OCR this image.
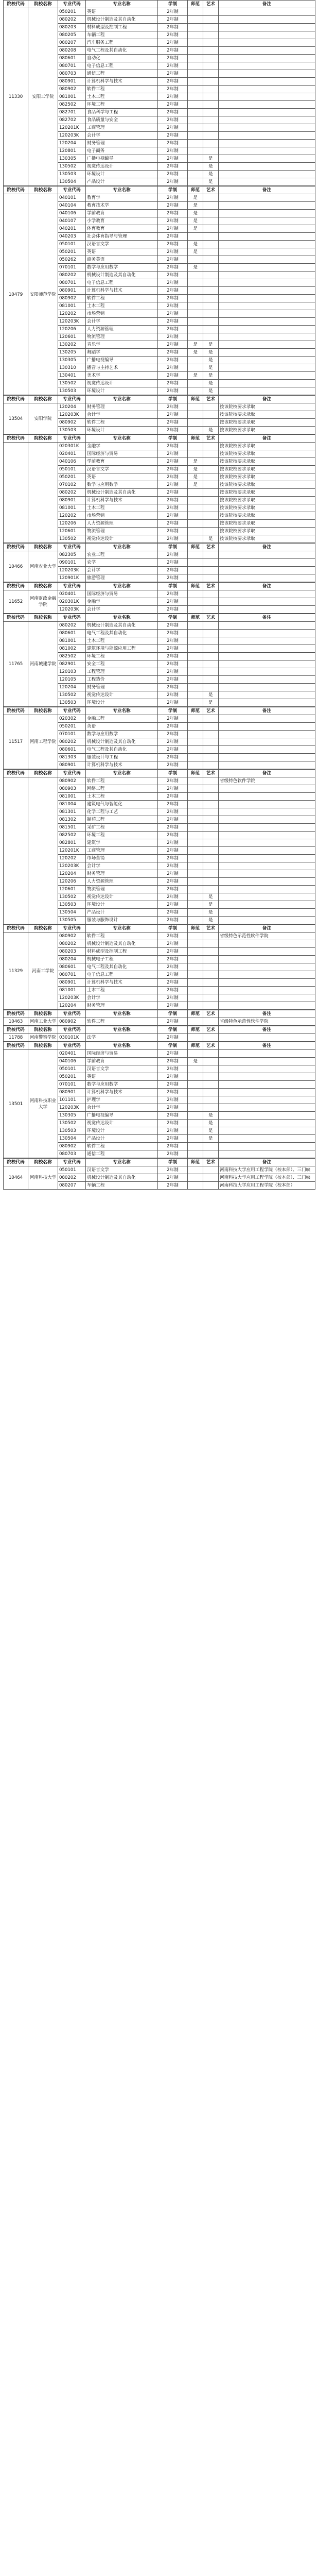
院校代码	院校名称	专业代码	专业名称	学制	师范	艺术	备注
11330	安阳工学院	050201	英语	2年制			
		080202	机械设计制造及其自动化	2年制			
		080203	材料成型及控制工程	2年制			
		080205	车辆工程	2年制			
		080207	汽车服务工程	2年制			
		080208	电气工程及其自动化	2年制			
		080601	自动化	2年制			
		080701	电子信息工程	2年制			
		080703	通信工程	2年制			
		080901	计算机科学与技术	2年制			
		080902	软件工程	2年制			
		081001	土木工程	2年制			
		082502	环境工程	2年制			
		082701	食品科学与工程	2年制			
		082702	食品质量与安全	2年制			
		120201K	工商管理	2年制			
		120203K	会计学	2年制			
		120204	财务管理	2年制			
		120801	电子商务	2年制			
		130305	广播电视编导	2年制		是	
		130502	视觉传达设计	2年制		是	
		130503	环境设计	2年制		是	
		130504	产品设计	2年制		是	
院校代码	院校名称	专业代码	专业名称	学制	师范	艺术	备注
10479	安阳师范学院	040101	教育学	2年制	是		
		040104	教育技术学	2年制	是		
		040106	学前教育	2年制	是		
		040107	小学教育	2年制	是		
		040201	体育教育	2年制	是		
		040203	社会体育指导与管理	2年制			
		050101	汉语言文学	2年制	是		
		050201	英语	2年制	是		
		050262	商务英语	2年制			
		070101	数学与应用数学	2年制	是		
		080202	机械设计制造及其自动化	2年制			
		080701	电子信息工程	2年制			
		080901	计算机科学与技术	2年制			
		080902	软件工程	2年制			
		081001	土木工程	2年制			
		120202	市场营销	2年制			
		120203K	会计学	2年制			
		120206	人力资源管理	2年制			
		120601	物流管理	2年制			
		130202	音乐学	2年制	是	是	
		130205	舞蹈学	2年制	是	是	
		130305	广播电视编导	2年制		是	
		130310	播音与主持艺术	2年制		是	
		130401	美术学	2年制	是	是	
		130502	视觉传达设计	2年制		是	
		130503	环境设计	2年制		是	
院校代码	院校名称	专业代码	专业名称	学制	师范	艺术	备注
13504	安阳学院	120204	财务管理	2年制			按该院校要求录取
		120203K	会计学	2年制			按该院校要求录取
		080902	软件工程	2年制			按该院校要求录取
		130503	环境设计	2年制		是	按该院校要求录取
院校代码	院校名称	专业代码	专业名称	学制	师范	艺术	备注
		020301K	金融学	2年制			按该院校要求录取
		020401	国际经济与贸易	2年制			按该院校要求录取
		040106	学前教育	2年制	是		按该院校要求录取
		050101	汉语言文学	2年制	是		按该院校要求录取
		050201	英语	2年制	是		按该院校要求录取
		070102	数学与应用数学	2年制	是		按该院校要求录取
		080202	机械设计制造及其自动化	2年制			按该院校要求录取
		080901	计算机科学与技术	2年制			按该院校要求录取
		081001	土木工程	2年制			按该院校要求录取
		120202	市场营销	2年制			按该院校要求录取
		120206	人力资源管理	2年制			按该院校要求录取
		120601	物流管理	2年制			按该院校要求录取
		130502	视觉传达设计	2年制		是	按该院校要求录取
院校代码	院校名称	专业代码	专业名称	学制	师范	艺术	备注
10466	河南农业大学	082305	农业工程	2年制			
		090101	农学	2年制			
		120203K	会计学	2年制			
		120901K	旅游管理	2年制			
院校代码	院校名称	专业代码	专业名称	学制	师范	艺术	备注
11652	河南财政金融学院	020401	国际经济与贸易	2年制			
		020301K	金融学	2年制			
		120203K	会计学	2年制			
院校代码	院校名称	专业代码	专业名称	学制	师范	艺术	备注
11765	河南城建学院	080202	机械设计制造及其自动化	2年制			
		080601	电气工程及其自动化	2年制			
		081001	土木工程	2年制			
		081002	建筑环境与能源应用工程	2年制			
		082502	环境工程	2年制			
		082901	安全工程	2年制			
		120103	工程管理	2年制			
		120105	工程造价	2年制			
		120204	财务管理	2年制			
		130502	视觉传达设计	2年制		是	
		130503	环境设计	2年制		是	
院校代码	院校名称	专业代码	专业名称	学制	师范	艺术	备注
11517	河南工程学院	020302	金融工程	2年制			
		050201	英语	2年制			
		070101	数学与应用数学	2年制			
		080202	机械设计制造及其自动化	2年制			
		080601	电气工程及其自动化	2年制			
		081303	服装设计与工程	2年制			
		080901	计算机科学与技术	2年制			
院校代码	院校名称	专业代码	专业名称	学制	师范	艺术	备注
		080902	软件工程	2年制			省级特色软件学院
		080903	网络工程	2年制			
		081001	土木工程	2年制			
		081004	建筑电气与智能化	2年制			
		081301	化学工程与工艺	2年制			
		081302	制药工程	2年制			
		081501	采矿工程	2年制			
		082502	环境工程	2年制			
		082801	建筑学	2年制			
		120201K	工商管理	2年制			
		120202	市场营销	2年制			
		120203K	会计学	2年制			
		120204	财务管理	2年制			
		120206	人力资源管理	2年制			
		120601	物流管理	2年制			
		130502	视觉传达设计	2年制		是	
		130503	环境设计	2年制		是	
		130504	产品设计	2年制		是	
		130505	服装与服饰设计	2年制		是	
院校代码	院校名称	专业代码	专业名称	学制	师范	艺术	备注
11329	河南工学院	080902	软件工程	2年制			省级特色示范性软件学院
		080202	机械设计制造及其自动化	2年制			
		080203	材料成型及控制工程	2年制			
		080204	机械电子工程	2年制			
		080601	电气工程及其自动化	2年制			
		080701	电子信息工程	2年制			
		080901	计算机科学与技术	2年制			
		081001	土木工程	2年制			
		120203K	会计学	2年制			
		120204	财务管理	2年制			
院校代码	院校名称	专业代码	专业名称	学制	师范	艺术	备注
10463	河南工业大学	080902	软件工程	2年制			省级特色示范性软件学院
院校代码	院校名称	专业代码	专业名称	学制	师范	艺术	备注
11788	河南警察学院	030101K	法学	2年制			
院校代码	院校名称	专业代码	专业名称	学制	师范	艺术	备注
13501	河南科技职业大学	020401	国际经济与贸易	2年制			
		040106	学前教育	2年制	是		
		050101	汉语言文学	2年制			
		050201	英语	2年制			
		070101	数学与应用数学	2年制			
		080901	计算机科学与技术	2年制			
		101101	护理学	2年制			
		120203K	会计学	2年制			
		130305	广播电视编导	2年制		是	
		130502	视觉传达设计	2年制		是	
		130503	环境设计	2年制		是	
		130504	产品设计	2年制		是	
		080902	软件工程	2年制			
		080703	通信工程	2年制			
院校代码	院校名称	专业代码	专业名称	学制	师范	艺术	备注
10464	河南科技大学	050101	汉语言文学	2年制			河南科技大学应用工程学院（校本部）、三门峡
		080202	机械设计制造及其自动化	2年制			河南科技大学应用工程学院（校本部）、三门峡
		080207	车辆工程	2年制			河南科技大学应用工程学院（校本部）
